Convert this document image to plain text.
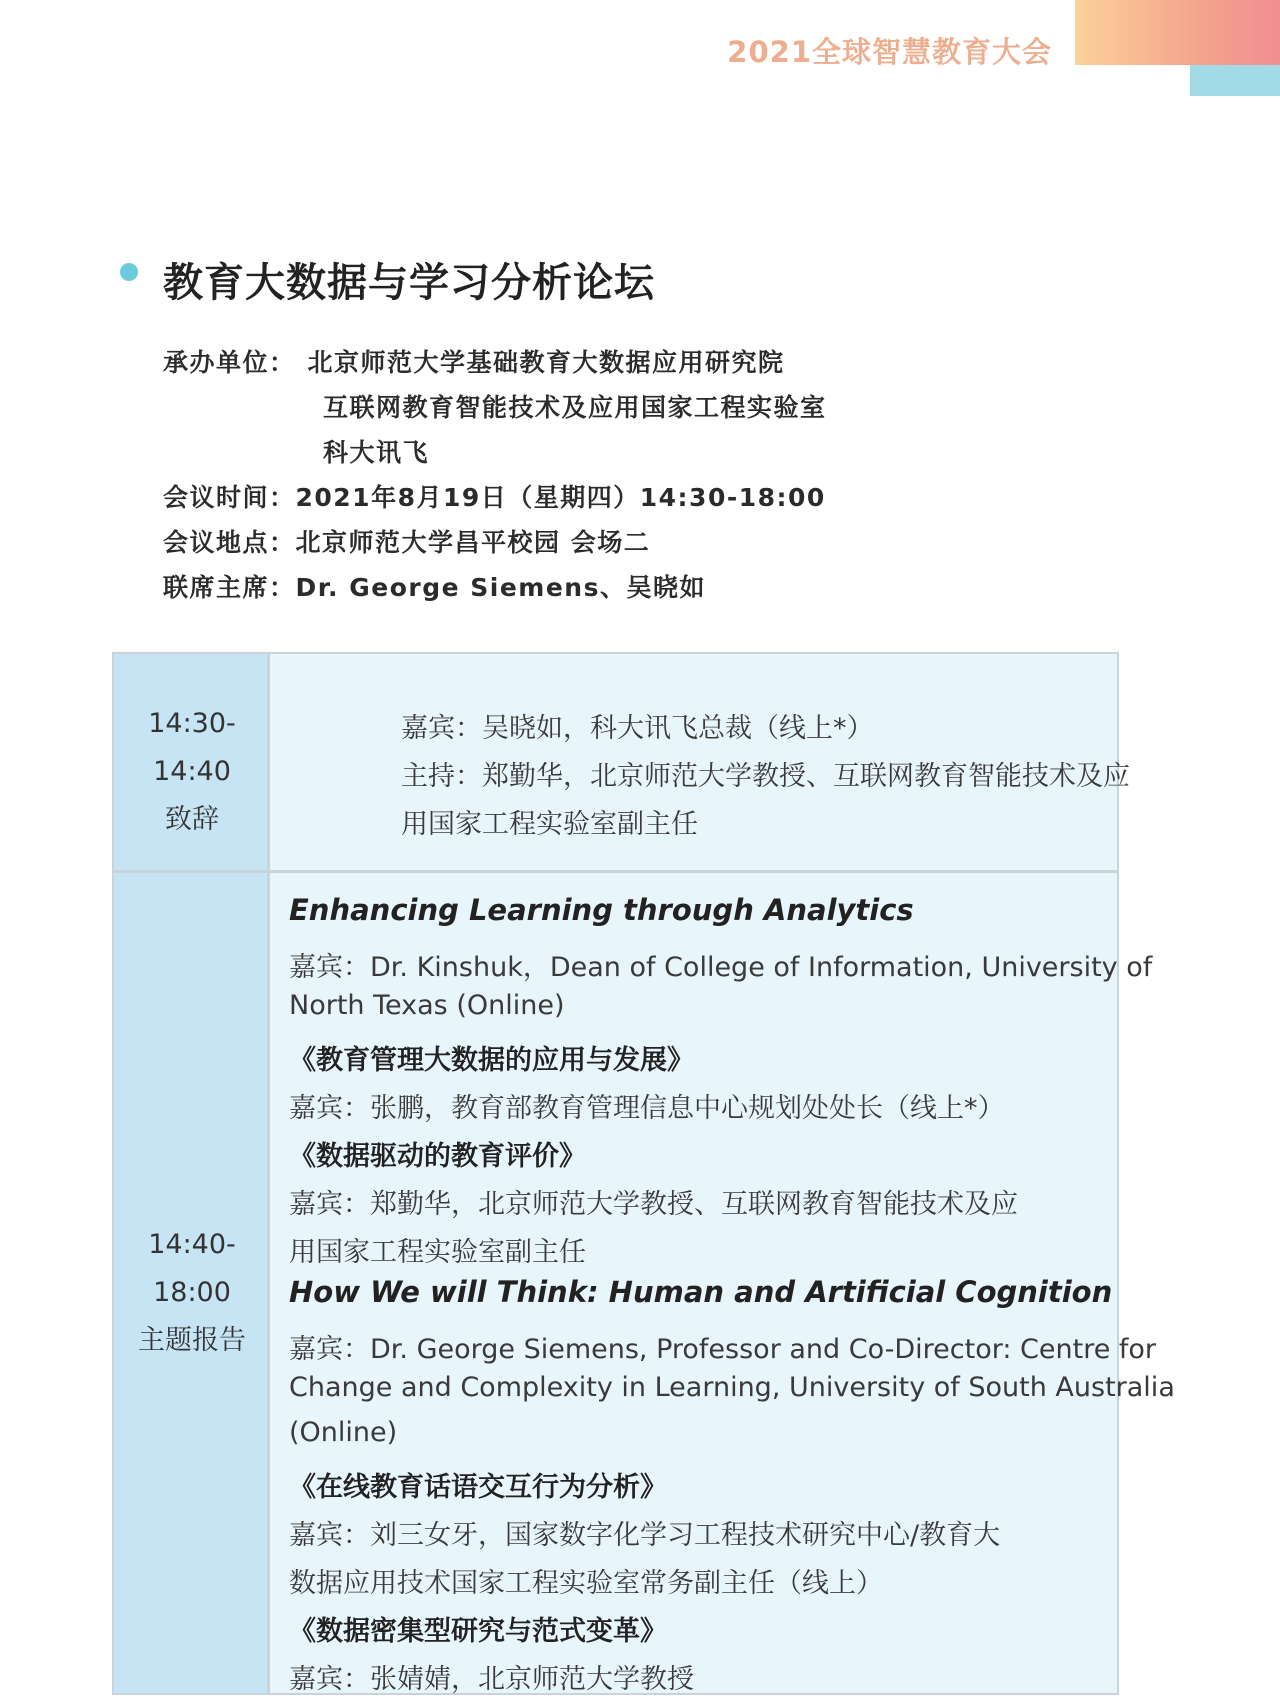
2021全球智慧教育大会
教育大数据与学习分析论坛
承办单位： 北京师范大学基础教育大数据应用研究院
互联网教育智能技术及应用国家工程实验室
科大讯飞
会议时间：2021年8月19日（星期四）14:30-18:00
会议地点：北京师范大学昌平校园 会场二
联席主席：Dr. George Siemens、吴晓如
14:30-
14:40
致辞
嘉宾：吴晓如，科大讯飞总裁（线上*）
主持：郑勤华，北京师范大学教授、互联网教育智能技术及应
用国家工程实验室副主任
14:40-
18:00
主题报告
Enhancing Learning through Analytics
嘉宾：Dr. Kinshuk，Dean of College of Information, University of
North Texas (Online)
《教育管理大数据的应用与发展》
嘉宾：张鹏，教育部教育管理信息中心规划处处长（线上*）
《数据驱动的教育评价》
嘉宾：郑勤华，北京师范大学教授、互联网教育智能技术及应
用国家工程实验室副主任
How We will Think: Human and Artificial Cognition
嘉宾：Dr. George Siemens, Professor and Co-Director: Centre for
Change and Complexity in Learning, University of South Australia
(Online)
《在线教育话语交互行为分析》
嘉宾：刘三女牙，国家数字化学习工程技术研究中心/教育大
数据应用技术国家工程实验室常务副主任（线上）
《数据密集型研究与范式变革》
嘉宾：张婧婧，北京师范大学教授
